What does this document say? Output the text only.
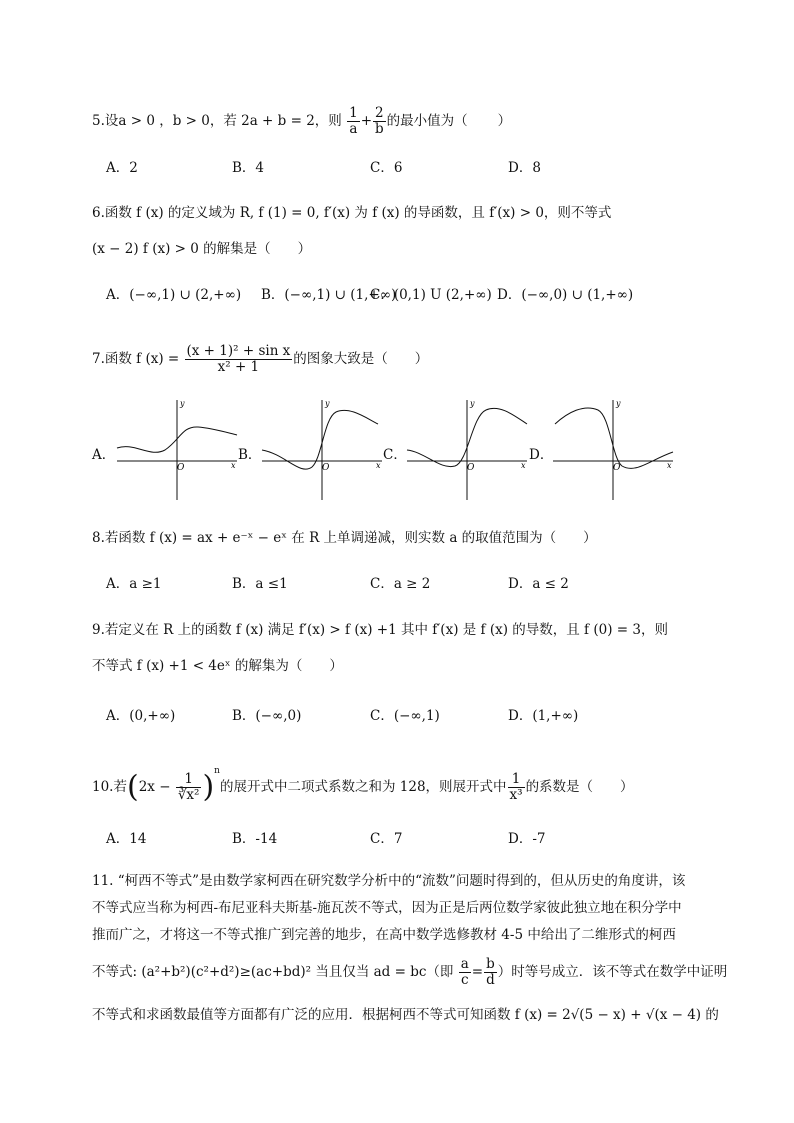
5.设a > 0 ，b > 0，若 2a + b = 2，则 $\frac{1}{a} + \frac{2}{b}$ 的最小值为（ ）
A．2	B．4	C．6	D．8
6.函数 f (x) 的定义域为 R, f (1) = 0, f′(x) 为 f (x) 的导函数，且 f′(x) > 0，则不等式
(x − 2) f (x) > 0 的解集是（　　）
A．(−∞,1) ∪ (2,+∞) B．(−∞,1) ∪ (1,+∞)
C．(0,1) U (2,+∞) D．(−∞,0) ∪ (1,+∞)
7.函数 f $(x) = \frac{\text{(x + 1)² + sin x}}{\text{x² + 1}}$ 的图象大致是（　　）
A．	B．	C．	D．
y
x
O
y
x
O
y
x
O
y
x
O
8.若函数 f (x) = ax + e⁻ˣ − eˣ 在 R 上单调递减，则实数 a 的取值范围为（　　）
A．a ≥1	B．a ≤1	C．a ≥ 2	D．a ≤ 2
9.若定义在 R 上的函数 f (x) 满足 f′(x) > f (x) +1 其中 f′(x) 是 f (x) 的导数，且 f (0) = 3，则
不等式 f (x) +1 < 4eˣ 的解集为（　　）
A．(0,+∞)	B．(−∞,0)	C．(−∞,1)	D．(1,+∞)
10.若$(2x - \frac{1}{\text{∛x²}} )^n$的展开式中二项式系数之和为 128，则展开式中 $\frac{1}{\text{x³}}$ 的系数是（　　）
A．14	B．-14	C．7	D．-7
11. “柯西不等式”是由数学家柯西在研究数学分析中的“流数”问题时得到的，但从历史的角度讲，该
不等式应当称为柯西-布尼亚科夫斯基-施瓦茨不等式，因为正是后两位数学家彼此独立地在积分学中
推而广之，才将这一不等式推广到完善的地步，在高中数学选修教材 4-5 中给出了二维形式的柯西
不等式: (a²+b²)(c²+d²)≥(ac+bd)² 当且仅当 ad = bc（即 $\frac{a}{c} = \frac{b}{d}$ ）时等号成立．该不等式在数学中证明
不等式和求函数最值等方面都有广泛的应用．根据柯西不等式可知函数 f (x) = 2√(5 − x) + √(x − 4) 的
